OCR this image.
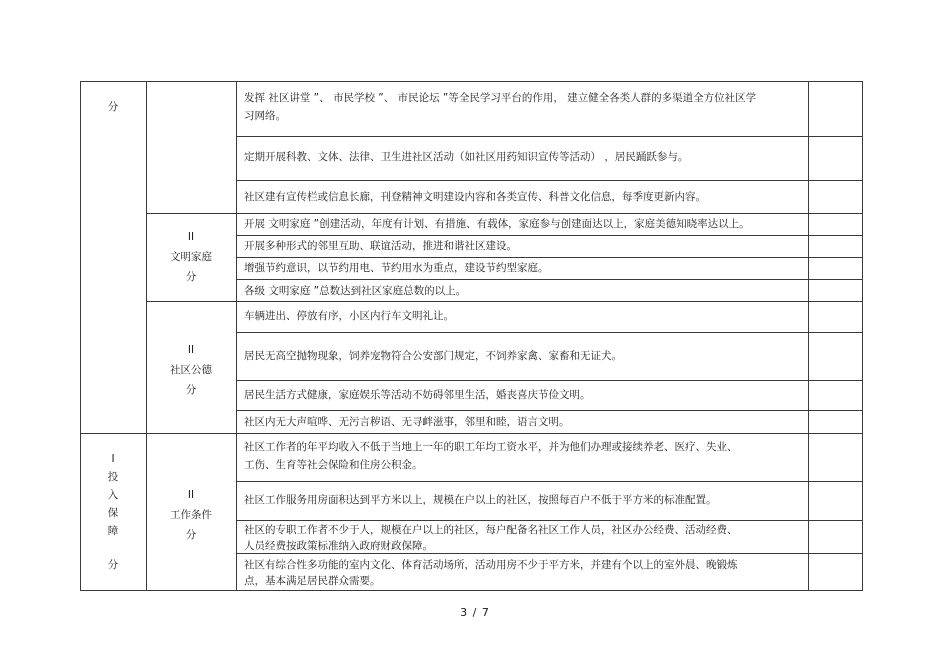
分
发挥 社区讲堂 ”、 市民学校 ”、 市民论坛 ”等全民学习平台的作用， 建立健全各类人群的多渠道全方位社区学
习网络。
定期开展科教、文体、法律、卫生进社区活动（如社区用药知识宣传等活动） ，居民踊跃参与。
社区建有宣传栏或信息长廊，刊登精神文明建设内容和各类宣传、科普文化信息，每季度更新内容。
II
文明家庭
分
开展 文明家庭 ”创建活动，年度有计划、有措施、有载体，家庭参与创建面达以上，家庭美德知晓率达以上。
开展多种形式的邻里互助、联谊活动，推进和谐社区建设。
增强节约意识，以节约用电、节约用水为重点，建设节约型家庭。
各级 文明家庭 ”总数达到社区家庭总数的以上。
II
社区公德
分
车辆进出、停放有序，小区内行车文明礼让。
居民无高空抛物现象，饲养宠物符合公安部门规定，不饲养家禽、家畜和无证犬。
居民生活方式健康，家庭娱乐等活动不妨碍邻里生活，婚丧喜庆节俭文明。
社区内无大声喧哗、无污言秽语、无寻衅滋事，邻里和睦，语言文明。
I
投
入
保
障
分
II
工作条件
分
社区工作者的年平均收入不低于当地上一年的职工年均工资水平，并为他们办理或接续养老、医疗、失业、
工伤、生育等社会保险和住房公积金。
社区工作服务用房面积达到平方米以上，规模在户以上的社区，按照每百户不低于平方米的标准配置。
社区的专职工作者不少于人，规模在户以上的社区，每户配备名社区工作人员，社区办公经费、活动经费、
人员经费按政策标准纳入政府财政保障。
社区有综合性多功能的室内文化、体育活动场所，活动用房不少于平方米，并建有个以上的室外晨、晚锻炼
点，基本满足居民群众需要。
3 / 7
